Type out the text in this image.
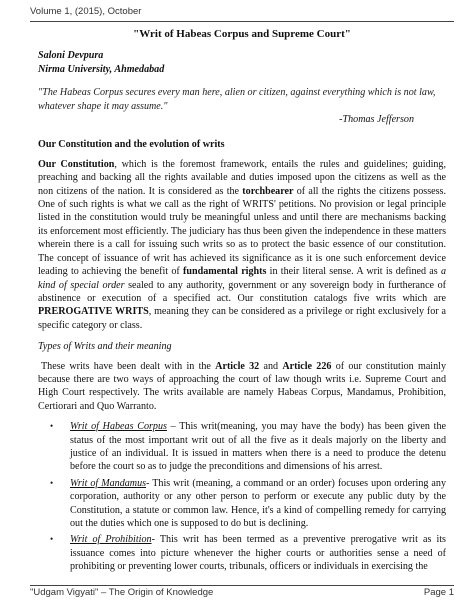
Volume 1, (2015), October

"Writ of Habeas Corpus and Supreme Court"

Saloni Devpura

Nirma University, Ahmedabad

"The Habeas Corpus secures every man here, alien or citizen, against everything which is not law, whatever shape it may assume."

-Thomas Jefferson

Our Constitution and the evolution of writs

Our Constitution, which is the foremost framework, entails the rules and guidelines; guiding, preaching and backing all the rights available and duties imposed upon the citizens as well as the non citizens of the nation. It is considered as the torchbearer of all the rights the citizens possess. One of such rights is what we call as the right of WRITS' petitions. No provision or legal principle listed in the constitution would truly be meaningful unless and until there are mechanisms backing its enforcement most efficiently. The judiciary has thus been given the independence in these matters wherein there is a call for issuing such writs so as to protect the basic essence of our constitution. The concept of issuance of writ has achieved its significance as it is one such enforcement device leading to achieving the benefit of fundamental rights in their literal sense. A writ is defined as a kind of special order sealed to any authority, government or any sovereign body in furtherance of abstinence or execution of a specified act. Our constitution catalogs five writs which are PREROGATIVE WRITS, meaning they can be considered as a privilege or right exclusively for a specific category or class.

Types of Writs and their meaning

These writs have been dealt with in the Article 32 and Article 226 of our constitution mainly because there are two ways of approaching the court of law though writs i.e. Supreme Court and High Court respectively. The writs available are namely Habeas Corpus, Mandamus, Prohibition, Certiorari and Quo Warranto.

• Writ of Habeas Corpus – This writ(meaning, you may have the body) has been given the status of the most important writ out of all the five as it deals majorly on the liberty and justice of an individual. It is issued in matters when there is a need to produce the detenu before the court so as to judge the preconditions and dimensions of his arrest.
• Writ of Mandamus- This writ (meaning, a command or an order) focuses upon ordering any corporation, authority or any other person to perform or execute any public duty by the Constitution, a statute or common law. Hence, it's a kind of compelling remedy for carrying out the duties which one is supposed to do but is declining.
• Writ of Prohibition- This writ has been termed as a preventive prerogative writ as its issuance comes into picture whenever the higher courts or authorities sense a need of prohibiting or preventing lower courts, tribunals, officers or individuals in exercising the
"Udgam Vigyati" – The Origin of Knowledge	Page 1
